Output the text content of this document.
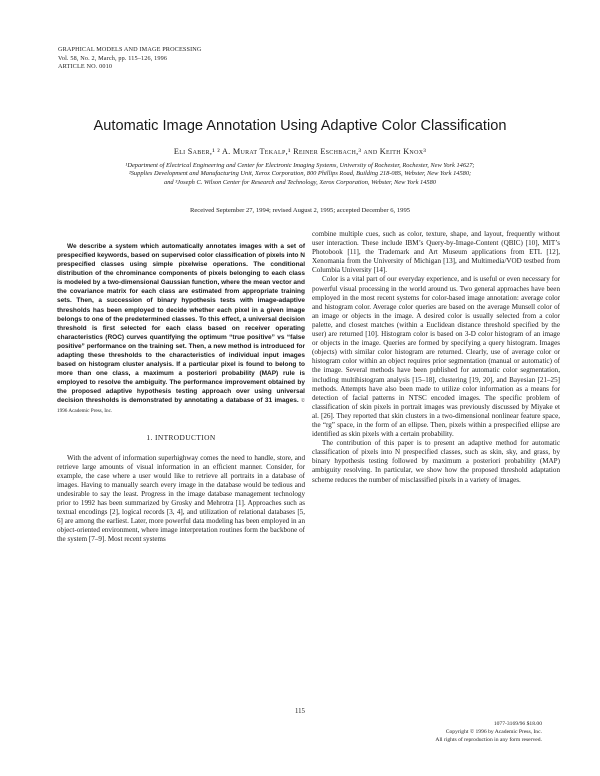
GRAPHICAL MODELS AND IMAGE PROCESSING
Vol. 58, No. 2, March, pp. 115–126, 1996
ARTICLE NO. 0010
Automatic Image Annotation Using Adaptive Color Classification
Eli Saber,¹ ² A. Murat Tekalp,¹ Reiner Eschbach,³ and Keith Knox³
¹Department of Electrical Engineering and Center for Electronic Imaging Systems, University of Rochester, Rochester, New York 14627;
²Supplies Development and Manufacturing Unit, Xerox Corporation, 800 Phillips Road, Building 218-08S, Webster, New York 14580;
and ³Joseph C. Wilson Center for Research and Technology, Xerox Corporation, Webster, New York 14580
Received September 27, 1994; revised August 2, 1995; accepted December 6, 1995

We describe a system which automatically annotates images with a set of prespecified keywords, based on supervised color classification of pixels into N prespecified classes using simple pixelwise operations. The conditional distribution of the chrominance components of pixels belonging to each class is modeled by a two-dimensional Gaussian function, where the mean vector and the covariance matrix for each class are estimated from appropriate training sets. Then, a succession of binary hypothesis tests with image-adaptive thresholds has been employed to decide whether each pixel in a given image belongs to one of the predetermined classes. To this effect, a universal decision threshold is first selected for each class based on receiver operating characteristics (ROC) curves quantifying the optimum “true positive” vs “false positive” performance on the training set. Then, a new method is introduced for adapting these thresholds to the characteristics of individual input images based on histogram cluster analysis. If a particular pixel is found to belong to more than one class, a maximum a posteriori probability (MAP) rule is employed to resolve the ambiguity. The performance improvement obtained by the proposed adaptive hypothesis testing approach over using universal decision thresholds is demonstrated by annotating a database of 31 images. © 1996 Academic Press, Inc.

1. INTRODUCTION

With the advent of information superhighway comes the need to handle, store, and retrieve large amounts of visual information in an efficient manner. Consider, for example, the case where a user would like to retrieve all portraits in a database of images. Having to manually search every image in the database would be tedious and undesirable to say the least. Progress in the image database management technology prior to 1992 has been summarized by Grosky and Mehrotra [1]. Approaches such as textual encodings [2], logical records [3, 4], and utilization of relational databases [5, 6] are among the earliest. Later, more powerful data modeling has been employed in an object-oriented environment, where image interpretation routines form the backbone of the system [7–9]. Most recent systems

combine multiple cues, such as color, texture, shape, and layout, frequently without user interaction. These include IBM’s Query-by-Image-Content (QBIC) [10], MIT’s Photobook [11], the Trademark and Art Museum applications from ETL [12], Xenomania from the University of Michigan [13], and Multimedia/VOD testbed from Columbia University [14].

Color is a vital part of our everyday experience, and is useful or even necessary for powerful visual processing in the world around us. Two general approaches have been employed in the most recent systems for color-based image annotation: average color and histogram color. Average color queries are based on the average Munsell color of an image or objects in the image. A desired color is usually selected from a color palette, and closest matches (within a Euclidean distance threshold specified by the user) are returned [10]. Histogram color is based on 3-D color histogram of an image or objects in the image. Queries are formed by specifying a query histogram. Images (objects) with similar color histogram are returned. Clearly, use of average color or histogram color within an object requires prior segmentation (manual or automatic) of the image. Several methods have been published for automatic color segmentation, including multihistogram analysis [15–18], clustering [19, 20], and Bayesian [21–25] methods. Attempts have also been made to utilize color information as a means for detection of facial patterns in NTSC encoded images. The specific problem of classification of skin pixels in portrait images was previously discussed by Miyake et al. [26]. They reported that skin clusters in a two-dimensional nonlinear feature space, the “rg” space, in the form of an ellipse. Then, pixels within a prespecified ellipse are identified as skin pixels with a certain probability.

The contribution of this paper is to present an adaptive method for automatic classification of pixels into N prespecified classes, such as skin, sky, and grass, by binary hypothesis testing followed by maximum a posteriori probability (MAP) ambiguity resolving. In particular, we show how the proposed threshold adaptation scheme reduces the number of misclassified pixels in a variety of images.

115
1077-3169/96 $18.00
Copyright © 1996 by Academic Press, Inc.
All rights of reproduction in any form reserved.
